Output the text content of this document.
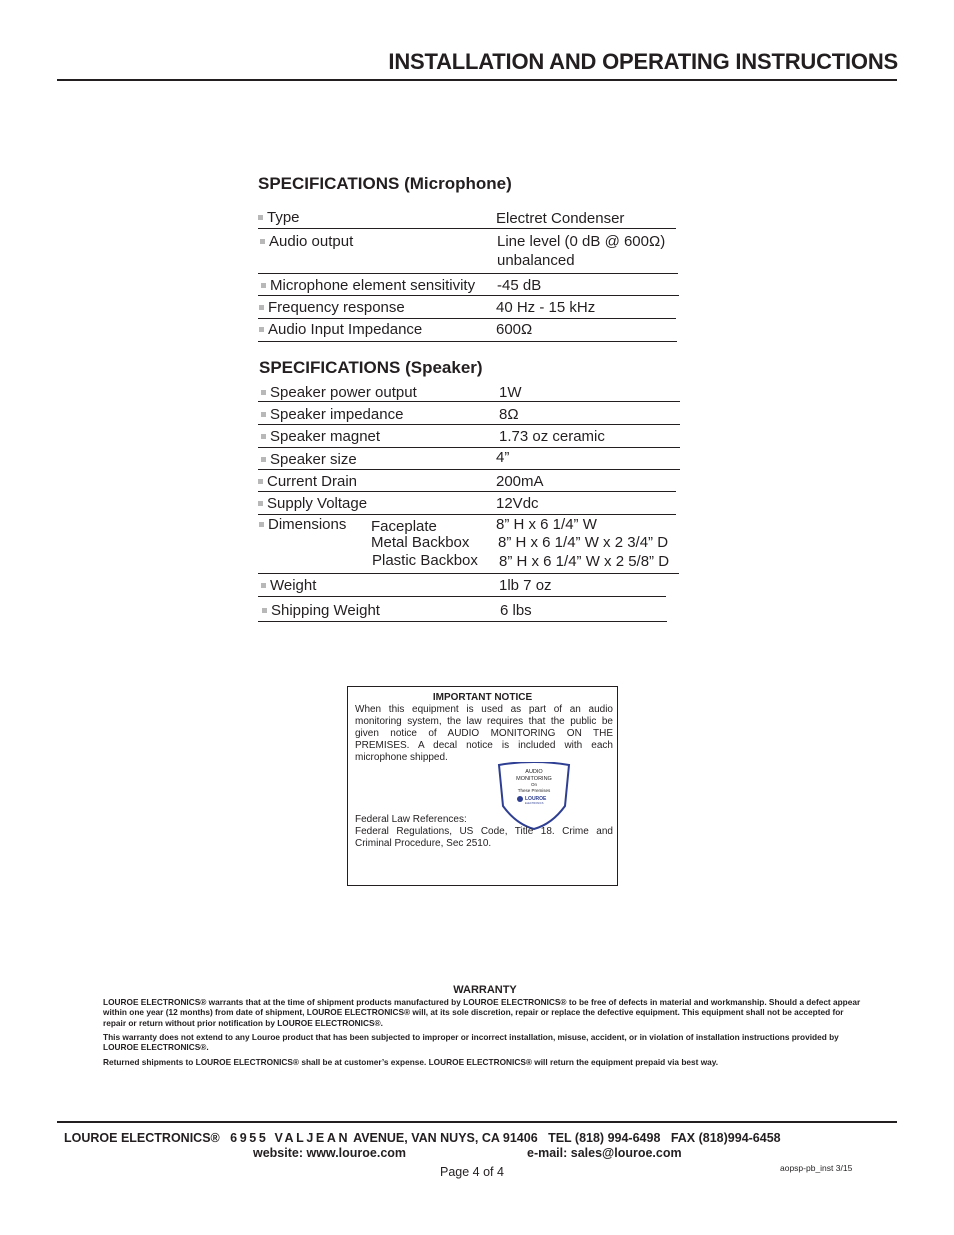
INSTALLATION AND OPERATING INSTRUCTIONS
SPECIFICATIONS (Microphone)
Type	Electret Condenser
Audio output	Line level (0 dB @ 600Ω)
unbalanced
Microphone element sensitivity -45 dB
Frequency response	40 Hz - 15 kHz
Audio Input Impedance	600Ω
SPECIFICATIONS (Speaker)
Speaker power output	1W
Speaker impedance	8Ω
Speaker magnet	1.73 oz ceramic
Speaker size	4”
Current Drain	200mA
Supply Voltage	12Vdc
Dimensions Faceplate	8” H x 6 1/4” W
Metal Backbox 8” H x 6 1/4” W x 2 3/4” D
Plastic Backbox 8” H x 6 1/4” W x 2 5/8” D
Weight	1lb 7 oz
Shipping Weight	6 lbs
IMPORTANT NOTICE

When this equipment is used as part of an audio monitoring system, the law requires that the public be given notice of AUDIO MONITORING ON THE PREMISES. A decal notice is included with each microphone shipped.

AUDIO
MONITORING
On
These Premises
LOUROE
ELECTRONICS

Federal Law References:

Federal Regulations, US Code, Title 18. Crime and Criminal Procedure, Sec 2510.

WARRANTY

LOUROE ELECTRONICS® warrants that at the time of shipment products manufactured by LOUROE ELECTRONICS® to be free of defects in material and workmanship. Should a defect appear within one year (12 months) from date of shipment, LOUROE ELECTRONICS® will, at its sole discretion, repair or replace the defective equipment. This equipment shall not be accepted for repair or return without prior notification by LOUROE ELECTRONICS®.

This warranty does not extend to any Louroe product that has been subjected to improper or incorrect installation, misuse, accident, or in violation of installation instructions provided by LOUROE ELECTRONICS®.

Returned shipments to LOUROE ELECTRONICS® shall be at customer’s expense. LOUROE ELECTRONICS® will return the equipment prepaid via best way.

LOUROE ELECTRONICS® 6955 VALJEAN AVENUE, VAN NUYS, CA 91406 TEL (818) 994-6498 FAX (818)994-6458
website: www.louroe.com	e-mail: sales@louroe.com
Page 4 of 4	aopsp-pb_inst 3/15
